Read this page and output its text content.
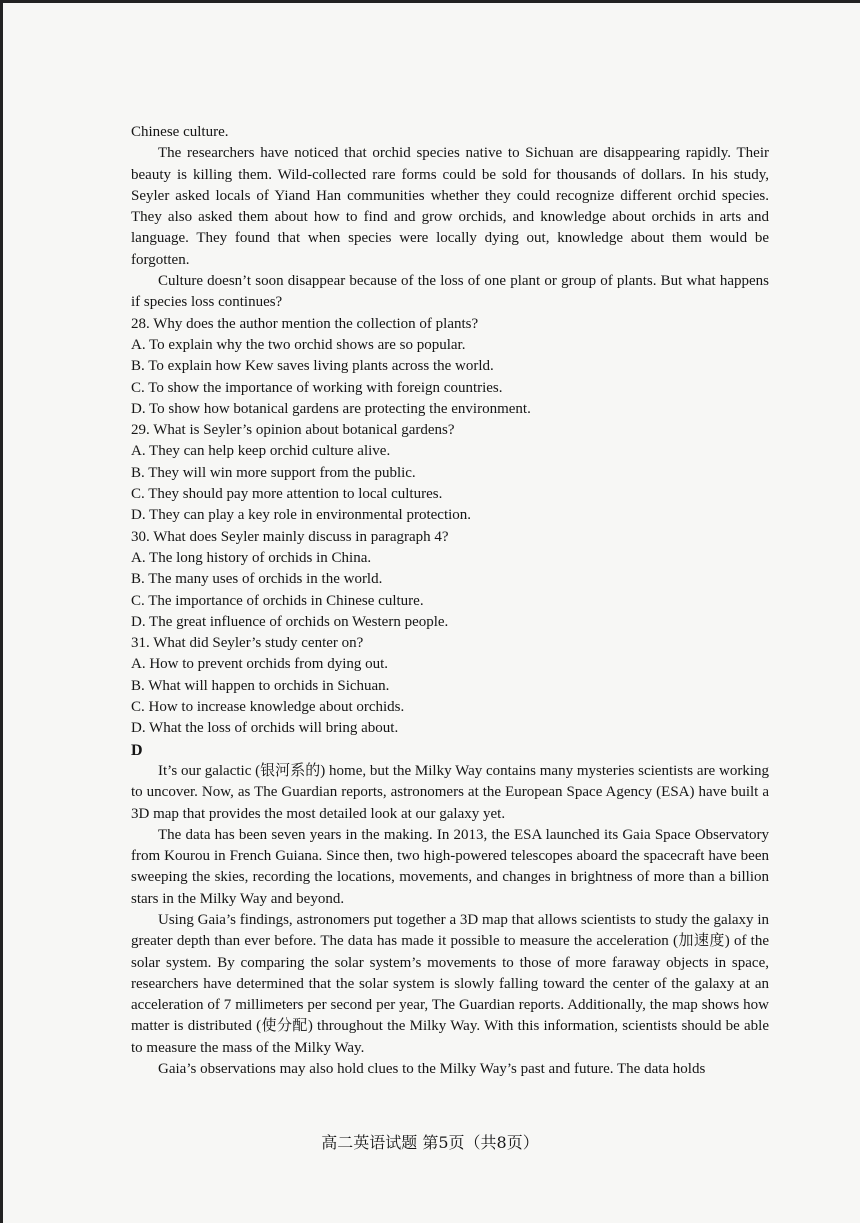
Chinese culture.

The researchers have noticed that orchid species native to Sichuan are disappearing rapidly. Their beauty is killing them. Wild-collected rare forms could be sold for thousands of dollars. In his study, Seyler asked locals of Yiand Han communities whether they could recognize different orchid species. They also asked them about how to find and grow orchids, and knowledge about orchids in arts and language. They found that when species were locally dying out, knowledge about them would be forgotten.

Culture doesn’t soon disappear because of the loss of one plant or group of plants. But what happens if species loss continues?

28. Why does the author mention the collection of plants?

A. To explain why the two orchid shows are so popular.

B. To explain how Kew saves living plants across the world.

C. To show the importance of working with foreign countries.

D. To show how botanical gardens are protecting the environment.

29. What is Seyler’s opinion about botanical gardens?

A. They can help keep orchid culture alive.

B. They will win more support from the public.

C. They should pay more attention to local cultures.

D. They can play a key role in environmental protection.

30. What does Seyler mainly discuss in paragraph 4?

A. The long history of orchids in China.

B. The many uses of orchids in the world.

C. The importance of orchids in Chinese culture.

D. The great influence of orchids on Western people.

31. What did Seyler’s study center on?

A. How to prevent orchids from dying out.

B. What will happen to orchids in Sichuan.

C. How to increase knowledge about orchids.

D. What the loss of orchids will bring about.

D

It’s our galactic (银河系的) home, but the Milky Way contains many mysteries scientists are working to uncover. Now, as The Guardian reports, astronomers at the European Space Agency (ESA) have built a 3D map that provides the most detailed look at our galaxy yet.

The data has been seven years in the making. In 2013, the ESA launched its Gaia Space Observatory from Kourou in French Guiana. Since then, two high-powered telescopes aboard the spacecraft have been sweeping the skies, recording the locations, movements, and changes in brightness of more than a billion stars in the Milky Way and beyond.

Using Gaia’s findings, astronomers put together a 3D map that allows scientists to study the galaxy in greater depth than ever before. The data has made it possible to measure the acceleration (加速度) of the solar system. By comparing the solar system’s movements to those of more faraway objects in space, researchers have determined that the solar system is slowly falling toward the center of the galaxy at an acceleration of 7 millimeters per second per year, The Guardian reports. Additionally, the map shows how matter is distributed (使分配) throughout the Milky Way. With this information, scientists should be able to measure the mass of the Milky Way.

Gaia’s observations may also hold clues to the Milky Way’s past and future. The data holds

高二英语试题 第5页（共8页）
